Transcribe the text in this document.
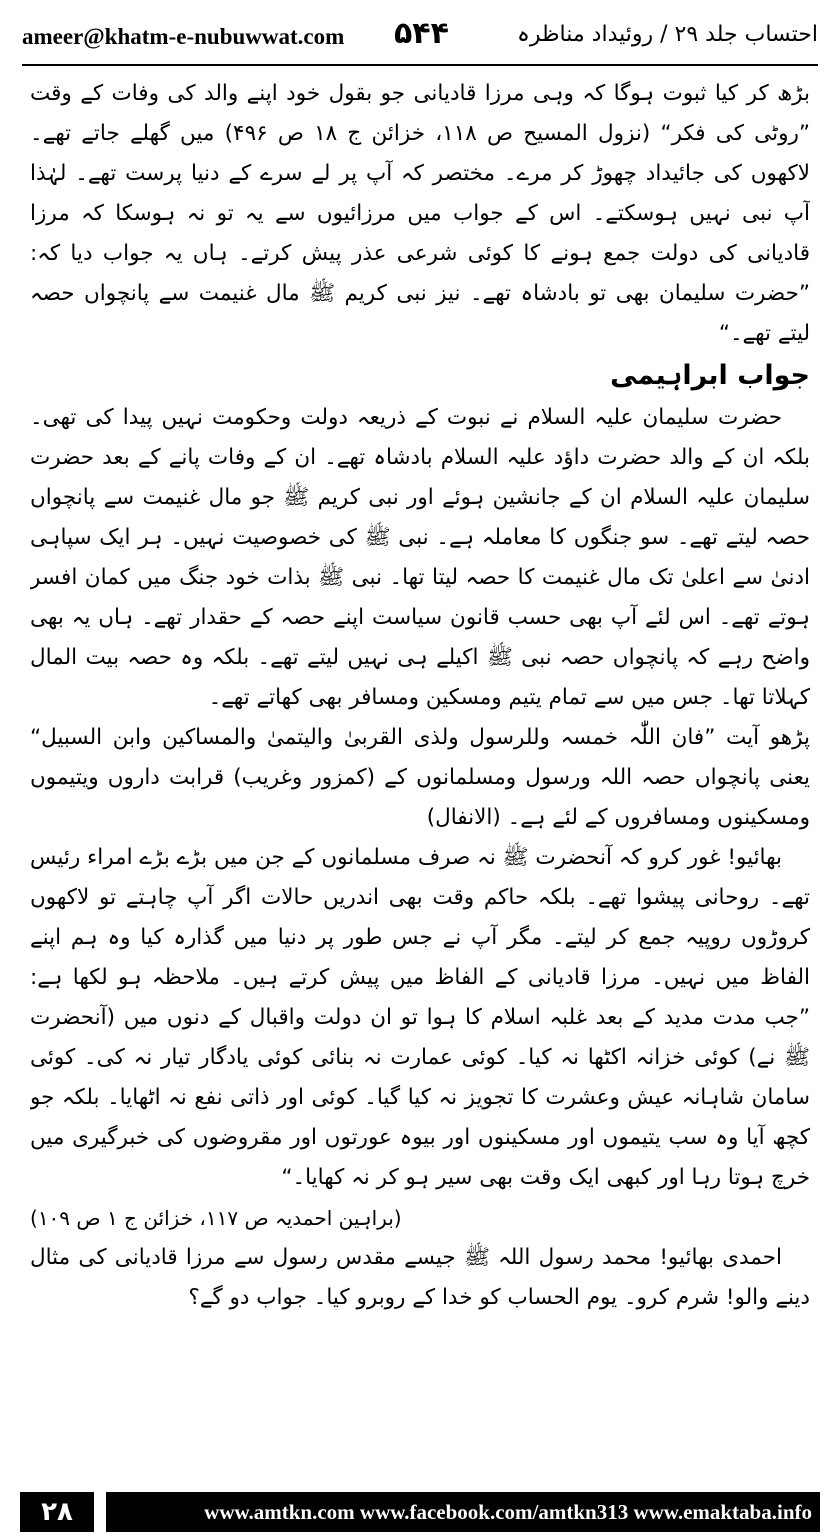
ameer@khatm-e-nubuwwat.com ۵۴۴	احتساب جلد ۲۹ / روئیداد مناظرہ

بڑھ کر کیا ثبوت ہوگا کہ وہی مرزا قادیانی جو بقول خود اپنے والد کی وفات کے وقت ”روٹی کی فکر“ (نزول المسیح ص ۱۱۸، خزائن ج ۱۸ ص ۴۹۶) میں گھلے جاتے تھے۔ لاکھوں کی جائیداد چھوڑ کر مرے۔ مختصر کہ آپ پر لے سرے کے دنیا پرست تھے۔ لہٰذا آپ نبی نہیں ہوسکتے۔ اس کے جواب میں مرزائیوں سے یہ تو نہ ہوسکا کہ مرزا قادیانی کی دولت جمع ہونے کا کوئی شرعی عذر پیش کرتے۔ ہاں یہ جواب دیا کہ: ”حضرت سلیمان بھی تو بادشاہ تھے۔ نیز نبی کریم ﷺ مال غنیمت سے پانچواں حصہ لیتے تھے۔“

جواب ابراہیمی

حضرت سلیمان علیہ السلام نے نبوت کے ذریعہ دولت وحکومت نہیں پیدا کی تھی۔ بلکہ ان کے والد حضرت داؤد علیہ السلام بادشاہ تھے۔ ان کے وفات پانے کے بعد حضرت سلیمان علیہ السلام ان کے جانشین ہوئے اور نبی کریم ﷺ جو مال غنیمت سے پانچواں حصہ لیتے تھے۔ سو جنگوں کا معاملہ ہے۔ نبی ﷺ کی خصوصیت نہیں۔ ہر ایک سپاہی ادنیٰ سے اعلیٰ تک مال غنیمت کا حصہ لیتا تھا۔ نبی ﷺ بذات خود جنگ میں کمان افسر ہوتے تھے۔ اس لئے آپ بھی حسب قانون سیاست اپنے حصہ کے حقدار تھے۔ ہاں یہ بھی واضح رہے کہ پانچواں حصہ نبی ﷺ اکیلے ہی نہیں لیتے تھے۔ بلکہ وہ حصہ بیت المال کہلاتا تھا۔ جس میں سے تمام یتیم ومسکین ومسافر بھی کھاتے تھے۔

پڑھو آیت ”فان اللّٰہ خمسہ وللرسول ولذی القربیٰ والیتمیٰ والمساکین وابن السبیل“ یعنی پانچواں حصہ اللہ ورسول ومسلمانوں کے (کمزور وغریب) قرابت داروں ویتیموں ومسکینوں ومسافروں کے لئے ہے۔ (الانفال)

بھائیو! غور کرو کہ آنحضرت ﷺ نہ صرف مسلمانوں کے جن میں بڑے بڑے امراء رئیس تھے۔ روحانی پیشوا تھے۔ بلکہ حاکم وقت بھی اندریں حالات اگر آپ چاہتے تو لاکھوں کروڑوں روپیہ جمع کر لیتے۔ مگر آپ نے جس طور پر دنیا میں گذارہ کیا وہ ہم اپنے الفاظ میں نہیں۔ مرزا قادیانی کے الفاظ میں پیش کرتے ہیں۔ ملاحظہ ہو لکھا ہے: ”جب مدت مدید کے بعد غلبہ اسلام کا ہوا تو ان دولت واقبال کے دنوں میں (آنحضرت ﷺ نے) کوئی خزانہ اکٹھا نہ کیا۔ کوئی عمارت نہ بنائی کوئی یادگار تیار نہ کی۔ کوئی سامان شاہانہ عیش وعشرت کا تجویز نہ کیا گیا۔ کوئی اور ذاتی نفع نہ اٹھایا۔ بلکہ جو کچھ آیا وہ سب یتیموں اور مسکینوں اور بیوہ عورتوں اور مقروضوں کی خبرگیری میں خرچ ہوتا رہا اور کبھی ایک وقت بھی سیر ہو کر نہ کھایا۔“

(براہین احمدیہ ص ۱۱۷، خزائن ج ۱ ص ۱۰۹)

احمدی بھائیو! محمد رسول اللہ ﷺ جیسے مقدس رسول سے مرزا قادیانی کی مثال دینے والو! شرم کرو۔ یوم الحساب کو خدا کے روبرو کیا۔ جواب دو گے؟

۲۸	www.amtkn.com www.facebook.com/amtkn313 www.emaktaba.info
